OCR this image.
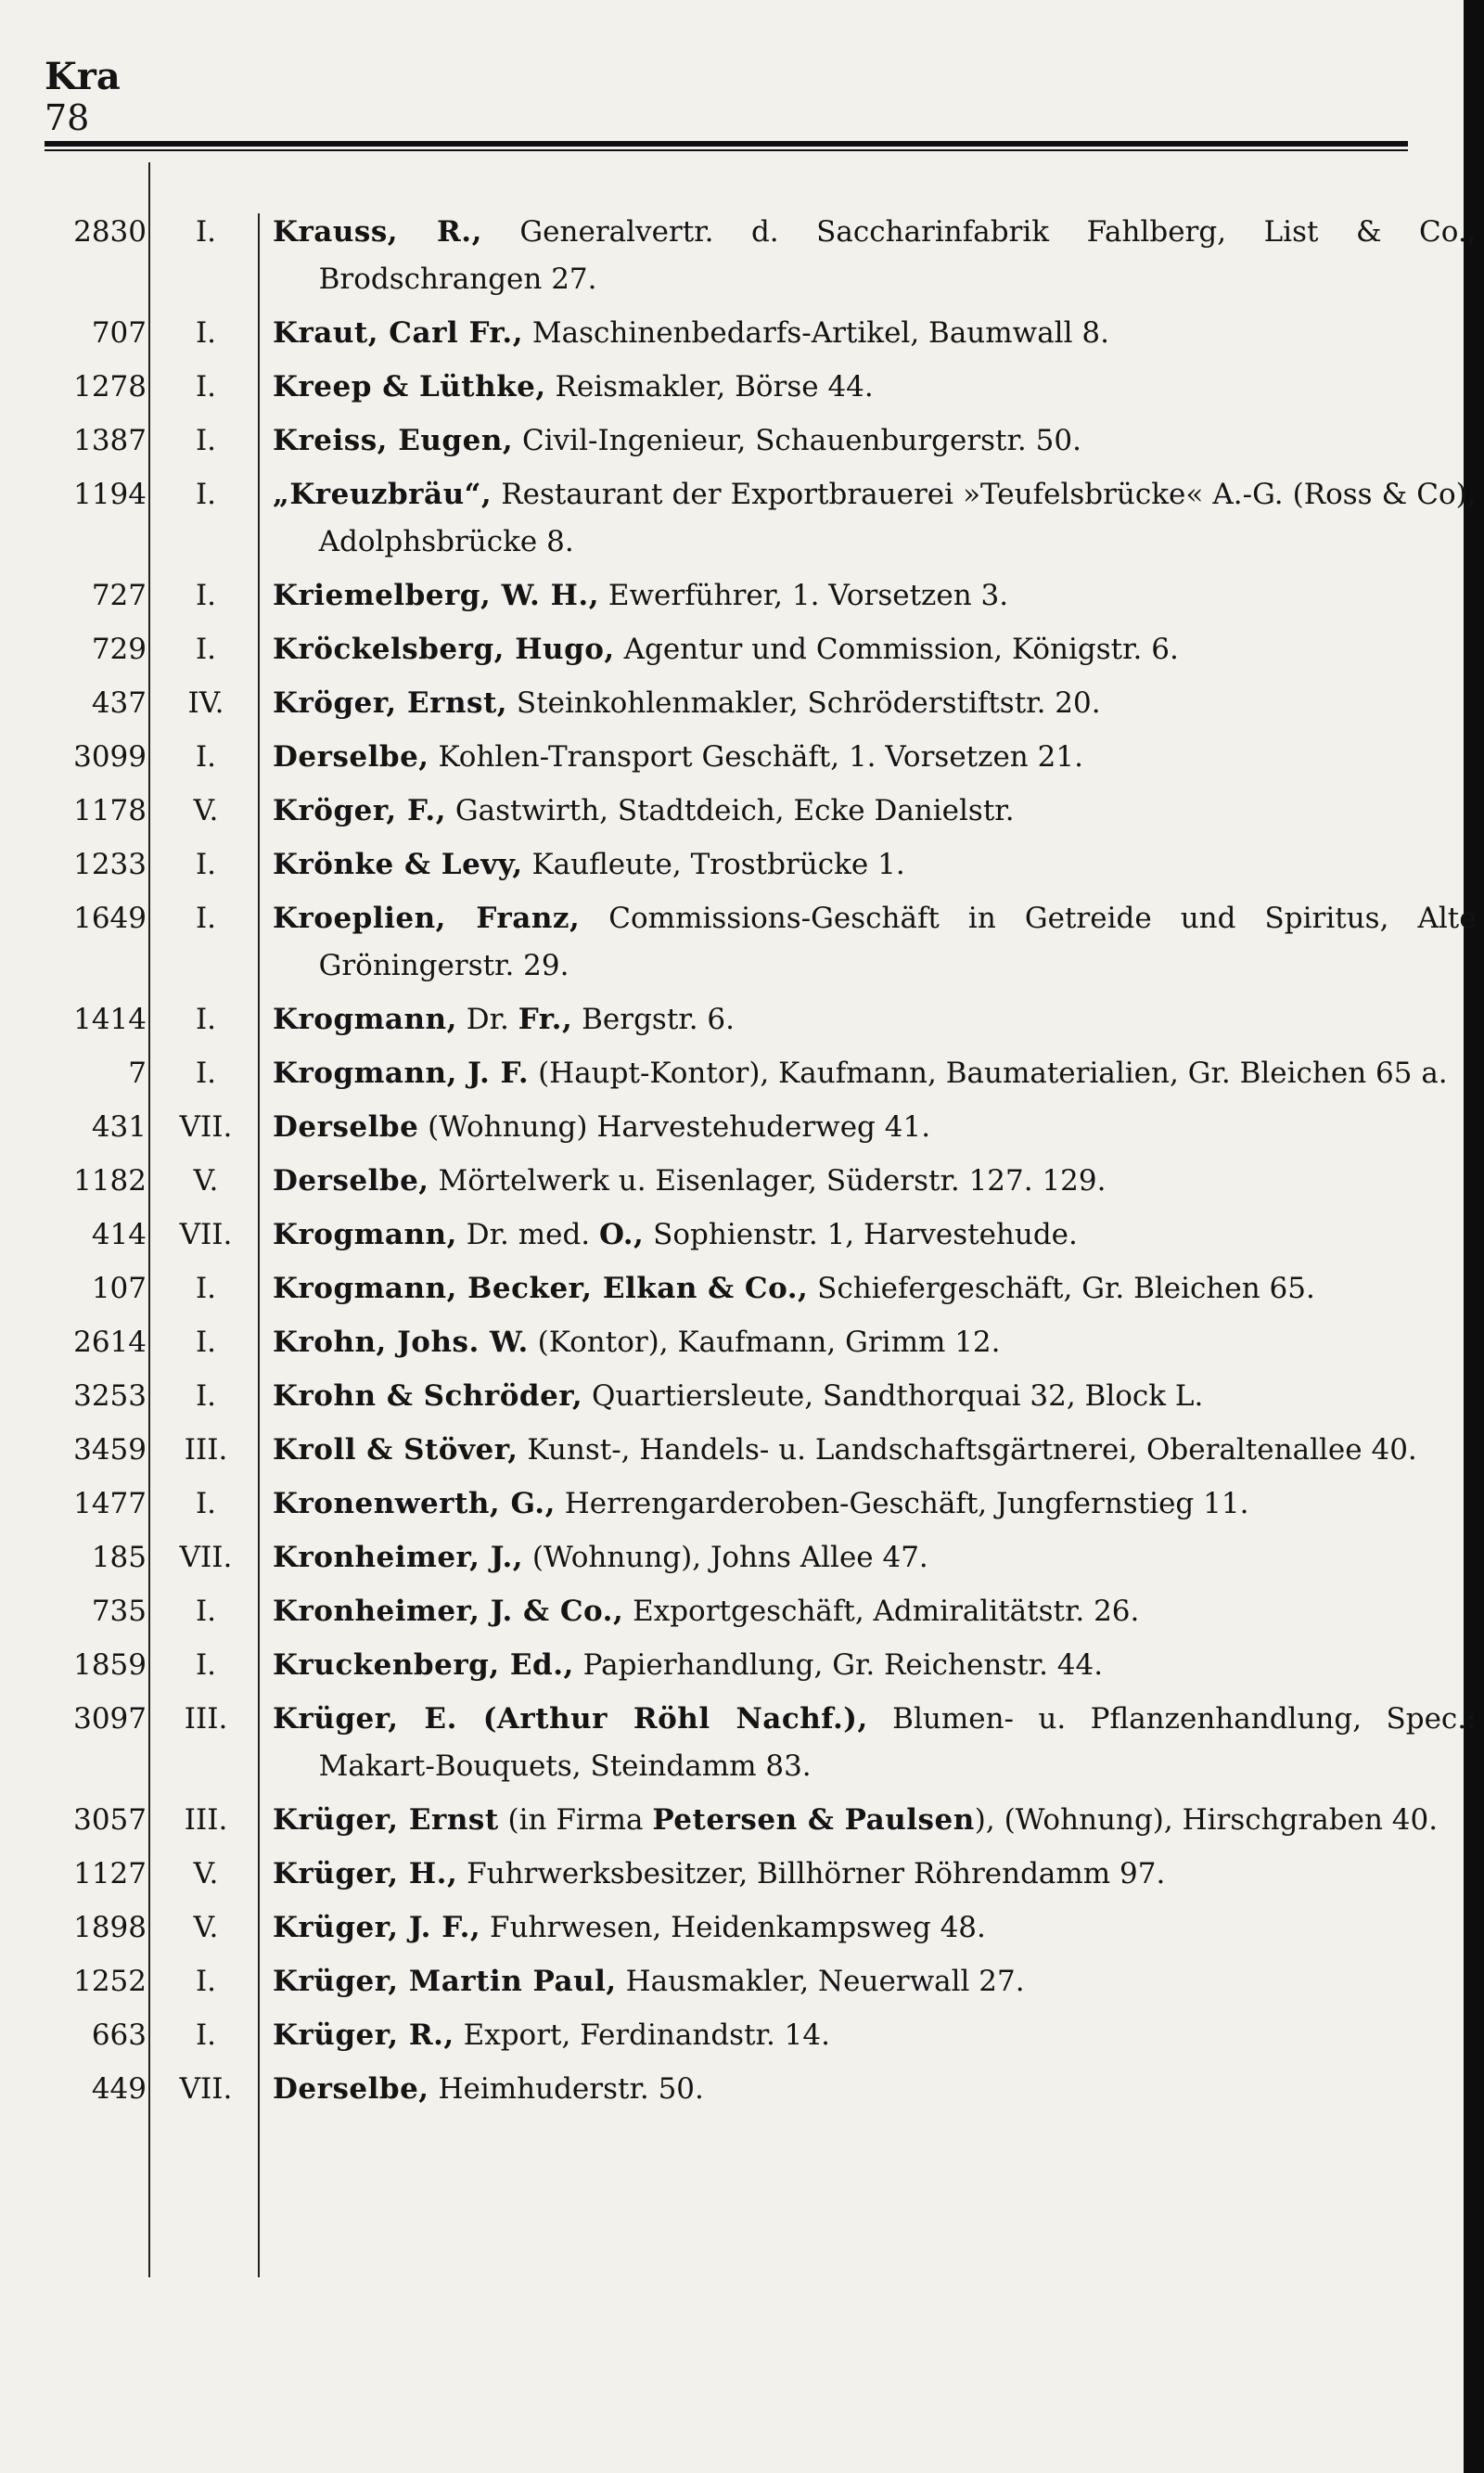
Kra
78
2830	I.	Krauss, R., Generalvertr. d. Saccharinfabrik Fahlberg, List & Co., Brodschrangen 27.
707	I.	Kraut, Carl Fr., Maschinenbedarfs-Artikel, Baumwall 8.
1278	I.	Kreep & Lüthke, Reismakler, Börse 44.
1387	I.	Kreiss, Eugen, Civil-Ingenieur, Schauenburgerstr. 50.
1194	I.	„Kreuzbräu“, Restaurant der Exportbrauerei »Teufelsbrücke« A.-G. (Ross & Co), Adolphsbrücke 8.
727	I.	Kriemelberg, W. H., Ewerführer, 1. Vorsetzen 3.
729	I.	Kröckelsberg, Hugo, Agentur und Commission, Königstr. 6.
437	IV.	Kröger, Ernst, Steinkohlenmakler, Schröderstiftstr. 20.
3099	I.	Derselbe, Kohlen-Transport Geschäft, 1. Vorsetzen 21.
1178	V.	Kröger, F., Gastwirth, Stadtdeich, Ecke Danielstr.
1233	I.	Krönke & Levy, Kaufleute, Trostbrücke 1.
1649	I.	Kroeplien, Franz, Commissions-Geschäft in Getreide und Spiritus, Alte Gröningerstr. 29.
1414	I.	Krogmann, Dr. Fr., Bergstr. 6.
7	I.	Krogmann, J. F. (Haupt-Kontor), Kaufmann, Baumaterialien, Gr. Bleichen 65 a.
431	VII.	Derselbe (Wohnung) Harvestehuderweg 41.
1182	V.	Derselbe, Mörtelwerk u. Eisenlager, Süderstr. 127. 129.
414	VII.	Krogmann, Dr. med. O., Sophienstr. 1, Harvestehude.
107	I.	Krogmann, Becker, Elkan & Co., Schiefergeschäft, Gr. Bleichen 65.
2614	I.	Krohn, Johs. W. (Kontor), Kaufmann, Grimm 12.
3253	I.	Krohn & Schröder, Quartiersleute, Sandthorquai 32, Block L.
3459	III.	Kroll & Stöver, Kunst-, Handels- u. Landschaftsgärtnerei, Oberaltenallee 40.
1477	I.	Kronenwerth, G., Herrengarderoben-Geschäft, Jungfernstieg 11.
185	VII.	Kronheimer, J., (Wohnung), Johns Allee 47.
735	I.	Kronheimer, J. & Co., Exportgeschäft, Admiralitätstr. 26.
1859	I.	Kruckenberg, Ed., Papierhandlung, Gr. Reichenstr. 44.
3097	III.	Krüger, E. (Arthur Röhl Nachf.), Blumen- u. Pflanzenhandlung, Spec.: Makart-Bouquets, Steindamm 83.
3057	III.	Krüger, Ernst (in Firma Petersen & Paulsen), (Wohnung), Hirschgraben 40.
1127	V.	Krüger, H., Fuhrwerksbesitzer, Billhörner Röhrendamm 97.
1898	V.	Krüger, J. F., Fuhrwesen, Heidenkampsweg 48.
1252	I.	Krüger, Martin Paul, Hausmakler, Neuerwall 27.
663	I.	Krüger, R., Export, Ferdinandstr. 14.
449	VII.	Derselbe, Heimhuderstr. 50.
